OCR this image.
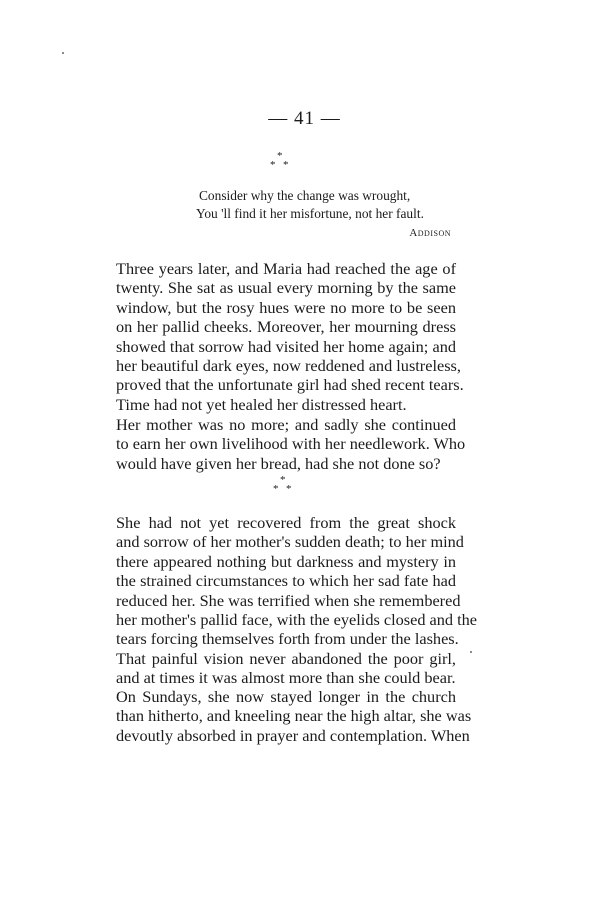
— 41 —
*
* *
Consider why the change was wrought,
You 'll find it her misfortune, not her fault.
Addison
Three years later, and Maria had reached the age of
twenty. She sat as usual every morning by the same
window, but the rosy hues were no more to be seen
on her pallid cheeks. Moreover, her mourning dress
showed that sorrow had visited her home again; and
her beautiful dark eyes, now reddened and lustreless,
proved that the unfortunate girl had shed recent tears.
Time had not yet healed her distressed heart.
Her mother was no more; and sadly she continued
to earn her own livelihood with her needlework. Who
would have given her bread, had she not done so?
*
* *
She had not yet recovered from the great shock
and sorrow of her mother's sudden death; to her mind
there appeared nothing but darkness and mystery in
the strained circumstances to which her sad fate had
reduced her. She was terrified when she remembered
her mother's pallid face, with the eyelids closed and the
tears forcing themselves forth from under the lashes.
That painful vision never abandoned the poor girl,
and at times it was almost more than she could bear.
On Sundays, she now stayed longer in the church
than hitherto, and kneeling near the high altar, she was
devoutly absorbed in prayer and contemplation. When
